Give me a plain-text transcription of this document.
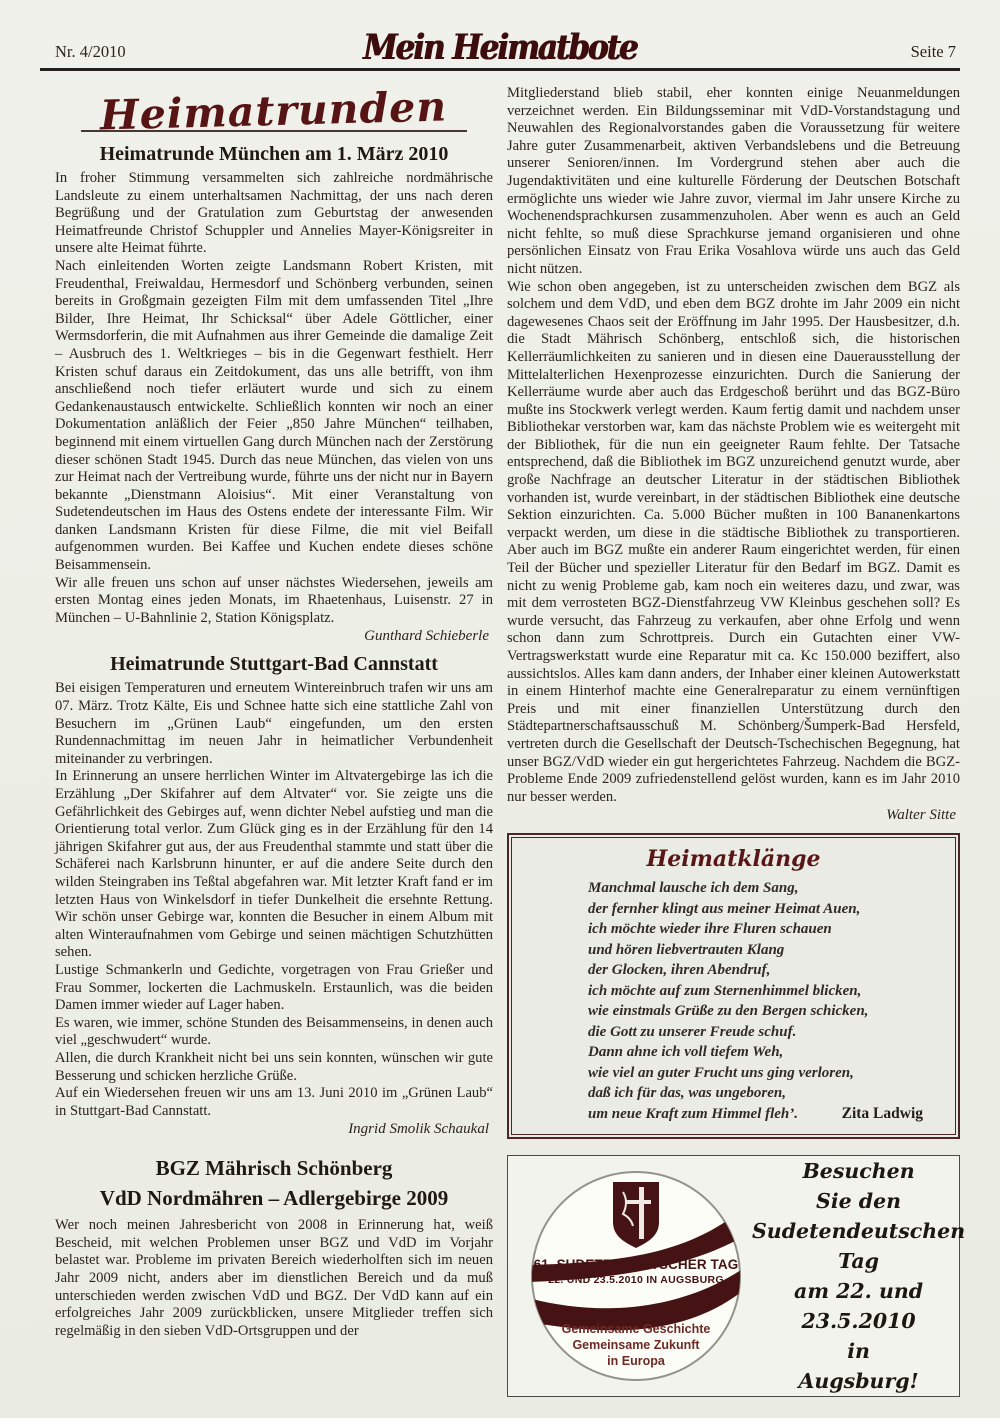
Nr. 4/2010	Mein Heimatbote	Seite 7
Heimatrunden
Heimatrunde München am 1. März 2010

In froher Stimmung versammelten sich zahlreiche nordmährische Landsleute zu einem unterhaltsamen Nachmittag, der uns nach deren Begrüßung und der Gratulation zum Geburtstag der anwesenden Heimatfreunde Christof Schuppler und Annelies Mayer-Königsreiter in unsere alte Heimat führte.

Nach einleitenden Worten zeigte Landsmann Robert Kristen, mit Freudenthal, Freiwaldau, Hermesdorf und Schönberg verbunden, seinen bereits in Großgmain gezeigten Film mit dem umfassenden Titel „Ihre Bilder, Ihre Heimat, Ihr Schicksal“ über Adele Göttlicher, einer Wermsdorferin, die mit Aufnahmen aus ihrer Gemeinde die damalige Zeit – Ausbruch des 1. Weltkrieges – bis in die Gegenwart festhielt. Herr Kristen schuf daraus ein Zeitdokument, das uns alle betrifft, von ihm anschließend noch tiefer erläutert wurde und sich zu einem Gedankenaustausch entwickelte. Schließlich konnten wir noch an einer Dokumentation anläßlich der Feier „850 Jahre München“ teilhaben, beginnend mit einem virtuellen Gang durch München nach der Zerstörung dieser schönen Stadt 1945. Durch das neue München, das vielen von uns zur Heimat nach der Vertreibung wurde, führte uns der nicht nur in Bayern bekannte „Dienstmann Aloisius“. Mit einer Veranstaltung von Sudetendeutschen im Haus des Ostens endete der interessante Film. Wir danken Landsmann Kristen für diese Filme, die mit viel Beifall aufgenommen wurden. Bei Kaffee und Kuchen endete dieses schöne Beisammensein.

Wir alle freuen uns schon auf unser nächstes Wiedersehen, jeweils am ersten Montag eines jeden Monats, im Rhaetenhaus, Luisenstr. 27 in München – U-Bahnlinie 2, Station Königsplatz.

Gunthard Schieberle
Heimatrunde Stuttgart-Bad Cannstatt

Bei eisigen Temperaturen und erneutem Wintereinbruch trafen wir uns am 07. März. Trotz Kälte, Eis und Schnee hatte sich eine stattliche Zahl von Besuchern im „Grünen Laub“ eingefunden, um den ersten Rundennachmittag im neuen Jahr in heimatlicher Verbundenheit miteinander zu verbringen.

In Erinnerung an unsere herrlichen Winter im Altvatergebirge las ich die Erzählung „Der Skifahrer auf dem Altvater“ vor. Sie zeigte uns die Gefährlichkeit des Gebirges auf, wenn dichter Nebel aufstieg und man die Orientierung total verlor. Zum Glück ging es in der Erzählung für den 14 jährigen Skifahrer gut aus, der aus Freudenthal stammte und statt über die Schäferei nach Karlsbrunn hinunter, er auf die andere Seite durch den wilden Steingraben ins Teßtal abgefahren war. Mit letzter Kraft fand er im letzten Haus von Winkelsdorf in tiefer Dunkelheit die ersehnte Rettung. Wir schön unser Gebirge war, konnten die Besucher in einem Album mit alten Winteraufnahmen vom Gebirge und seinen mächtigen Schutzhütten sehen.

Lustige Schmankerln und Gedichte, vorgetragen von Frau Grießer und Frau Sommer, lockerten die Lachmuskeln. Erstaunlich, was die beiden Damen immer wieder auf Lager haben.

Es waren, wie immer, schöne Stunden des Beisammenseins, in denen auch viel „geschwudert“ wurde.

Allen, die durch Krankheit nicht bei uns sein konnten, wünschen wir gute Besserung und schicken herzliche Grüße.

Auf ein Wiedersehen freuen wir uns am 13. Juni 2010 im „Grünen Laub“ in Stuttgart-Bad Cannstatt.

Ingrid Smolik Schaukal
BGZ Mährisch Schönberg
VdD Nordmähren – Adlergebirge 2009

Wer noch meinen Jahresbericht von 2008 in Erinnerung hat, weiß Bescheid, mit welchen Problemen unser BGZ und VdD im Vorjahr belastet war. Probleme im privaten Bereich wiederholften sich im neuen Jahr 2009 nicht, anders aber im dienstlichen Bereich und da muß unterschieden werden zwischen VdD und BGZ. Der VdD kann auf ein erfolgreiches Jahr 2009 zurückblicken, unsere Mitglieder treffen sich regelmäßig in den sieben VdD-Ortsgruppen und der

Mitgliederstand blieb stabil, eher konnten einige Neuanmeldungen verzeichnet werden. Ein Bildungsseminar mit VdD-Vorstandstagung und Neuwahlen des Regionalvorstandes gaben die Voraussetzung für weitere Jahre guter Zusammenarbeit, aktiven Verbandslebens und die Betreuung unserer Senioren/innen. Im Vordergrund stehen aber auch die Jugendaktivitäten und eine kulturelle Förderung der Deutschen Botschaft ermöglichte uns wieder wie Jahre zuvor, viermal im Jahr unsere Kirche zu Wochenendsprachkursen zusammenzuholen. Aber wenn es auch an Geld nicht fehlte, so muß diese Sprachkurse jemand organisieren und ohne persönlichen Einsatz von Frau Erika Vosahlova würde uns auch das Geld nicht nützen.

Wie schon oben angegeben, ist zu unterscheiden zwischen dem BGZ als solchem und dem VdD, und eben dem BGZ drohte im Jahr 2009 ein nicht dagewesenes Chaos seit der Eröffnung im Jahr 1995. Der Hausbesitzer, d.h. die Stadt Mährisch Schönberg, entschloß sich, die historischen Kellerräumlichkeiten zu sanieren und in diesen eine Dauerausstellung der Mittelalterlichen Hexenprozesse einzurichten. Durch die Sanierung der Kellerräume wurde aber auch das Erdgeschoß berührt und das BGZ-Büro mußte ins Stockwerk verlegt werden. Kaum fertig damit und nachdem unser Bibliothekar verstorben war, kam das nächste Problem wie es weitergeht mit der Bibliothek, für die nun ein geeigneter Raum fehlte. Der Tatsache entsprechend, daß die Bibliothek im BGZ unzureichend genutzt wurde, aber große Nachfrage an deutscher Literatur in der städtischen Bibliothek vorhanden ist, wurde vereinbart, in der städtischen Bibliothek eine deutsche Sektion einzurichten. Ca. 5.000 Bücher mußten in 100 Bananenkartons verpackt werden, um diese in die städtische Bibliothek zu transportieren. Aber auch im BGZ mußte ein anderer Raum eingerichtet werden, für einen Teil der Bücher und spezieller Literatur für den Bedarf im BGZ. Damit es nicht zu wenig Probleme gab, kam noch ein weiteres dazu, und zwar, was mit dem verrosteten BGZ-Dienstfahrzeug VW Kleinbus geschehen soll? Es wurde versucht, das Fahrzeug zu verkaufen, aber ohne Erfolg und wenn schon dann zum Schrottpreis. Durch ein Gutachten einer VW-Vertragswerkstatt wurde eine Reparatur mit ca. Kc 150.000 beziffert, also aussichtslos. Alles kam dann anders, der Inhaber einer kleinen Autowerkstatt in einem Hinterhof machte eine Generalreparatur zu einem vernünftigen Preis und mit einer finanziellen Unterstützung durch den Städtepartnerschaftsausschuß M. Schönberg/Šumperk-Bad Hersfeld, vertreten durch die Gesellschaft der Deutsch-Tschechischen Begegnung, hat unser BGZ/VdD wieder ein gut hergerichtetes Fahrzeug. Nachdem die BGZ-Probleme Ende 2009 zufriedenstellend gelöst wurden, kann es im Jahr 2010 nur besser werden.

Walter Sitte
Heimatklänge
Manchmal lausche ich dem Sang,
der fernher klingt aus meiner Heimat Auen,
ich möchte wieder ihre Fluren schauen
und hören liebvertrauten Klang
der Glocken, ihren Abendruf,
ich möchte auf zum Sternenhimmel blicken,
wie einstmals Grüße zu den Bergen schicken,
die Gott zu unserer Freude schuf.
Dann ahne ich voll tiefem Weh,
wie viel an guter Frucht uns ging verloren,
daß ich für das, was ungeboren,
um neue Kraft zum Himmel fleh’.	Zita Ladwig
61. SUDETENDEUTSCHER TAG
22. UND 23.5.2010 IN AUGSBURG
Gemeinsame Geschichte
Gemeinsame Zukunft
in Europa
Besuchen
Sie den
Sudetendeutschen
Tag
am 22. und 23.5.2010
in
Augsburg!
